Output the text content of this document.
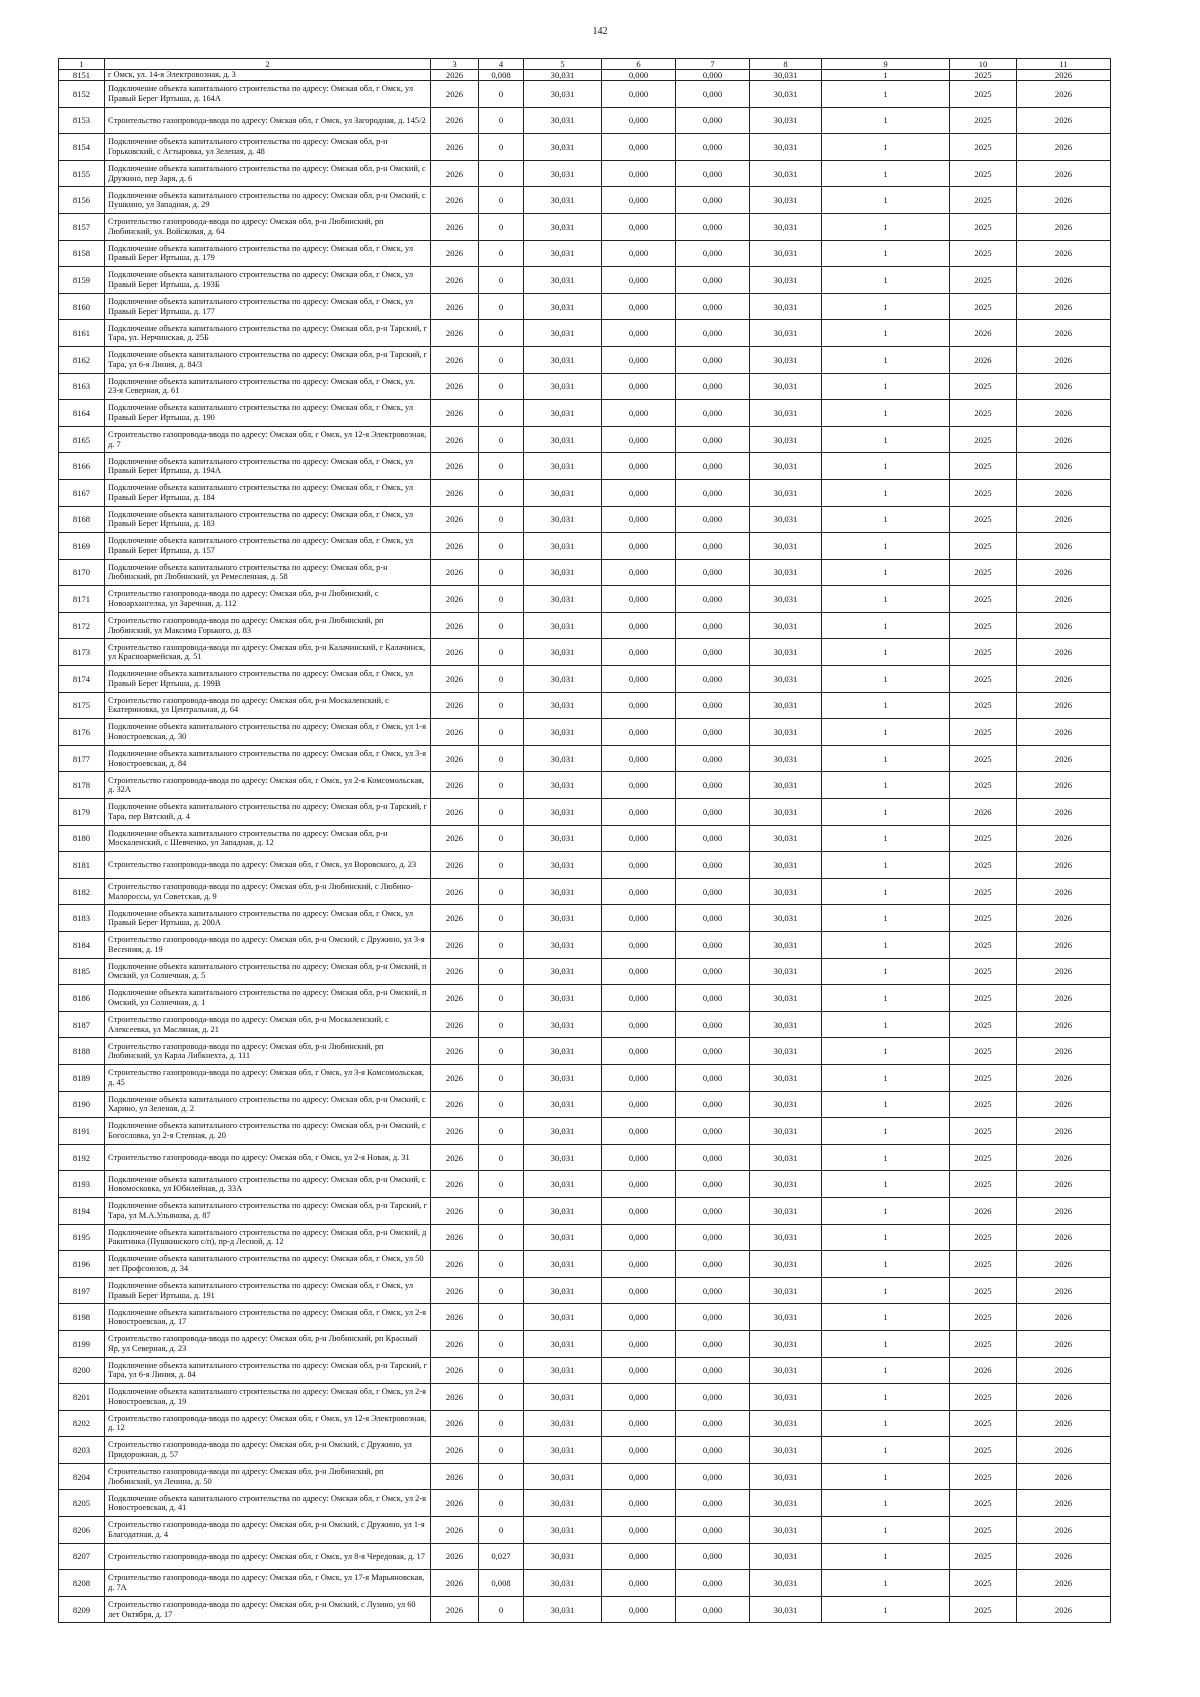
142
1	2	3	4	5	6	7	8	9	10	11
8151	г Омск, ул. 14-я Электровозная, д. 3	2026	0,008	30,031	0,000	0,000	30,031	1	2025	2026
8152	Подключение объекта капитального строительства по адресу: Омская обл, г Омск, ул Правый Берег Иртыша, д. 164А	2026	0	30,031	0,000	0,000	30,031	1	2025	2026
8153	Строительство газопровода-ввода по адресу: Омская обл, г Омск, ул Загородная, д. 145/2	2026	0	30,031	0,000	0,000	30,031	1	2025	2026
8154	Подключение объекта капитального строительства по адресу: Омская обл, р-н Горьковский, с Астыровка, ул Зеленая, д. 48	2026	0	30,031	0,000	0,000	30,031	1	2025	2026
8155	Подключение объекта капитального строительства по адресу: Омская обл, р-н Омский, с Дружино, пер Заря, д. 6	2026	0	30,031	0,000	0,000	30,031	1	2025	2026
8156	Подключение объекта капитального строительства по адресу: Омская обл, р-н Омский, с Пушкино, ул Западная, д. 29	2026	0	30,031	0,000	0,000	30,031	1	2025	2026
8157	Строительство газопровода-ввода по адресу: Омская обл, р-н Любинский, рп Любинский, ул. Войсковая, д. 64	2026	0	30,031	0,000	0,000	30,031	1	2025	2026
8158	Подключение объекта капитального строительства по адресу: Омская обл, г Омск, ул Правый Берег Иртыша, д. 179	2026	0	30,031	0,000	0,000	30,031	1	2025	2026
8159	Подключение объекта капитального строительства по адресу: Омская обл, г Омск, ул Правый Берег Иртыша, д. 193Б	2026	0	30,031	0,000	0,000	30,031	1	2025	2026
8160	Подключение объекта капитального строительства по адресу: Омская обл, г Омск, ул Правый Берег Иртыша, д. 177	2026	0	30,031	0,000	0,000	30,031	1	2025	2026
8161	Подключение объекта капитального строительства по адресу: Омская обл, р-н Тарский, г Тара, ул. Нерчинская, д. 25Б	2026	0	30,031	0,000	0,000	30,031	1	2026	2026
8162	Подключение объекта капитального строительства по адресу: Омская обл, р-н Тарский, г Тара, ул 6-я Линия, д. 84/3	2026	0	30,031	0,000	0,000	30,031	1	2026	2026
8163	Подключение объекта капитального строительства по адресу: Омская обл, г Омск, ул. 23-я Северная, д. 61	2026	0	30,031	0,000	0,000	30,031	1	2025	2026
8164	Подключение объекта капитального строительства по адресу: Омская обл, г Омск, ул Правый Берег Иртыша, д. 190	2026	0	30,031	0,000	0,000	30,031	1	2025	2026
8165	Строительство газопровода-ввода по адресу: Омская обл, г Омск, ул 12-я Электровозная, д. 7	2026	0	30,031	0,000	0,000	30,031	1	2025	2026
8166	Подключение объекта капитального строительства по адресу: Омская обл, г Омск, ул Правый Берег Иртыша, д. 194А	2026	0	30,031	0,000	0,000	30,031	1	2025	2026
8167	Подключение объекта капитального строительства по адресу: Омская обл, г Омск, ул Правый Берег Иртыша, д. 184	2026	0	30,031	0,000	0,000	30,031	1	2025	2026
8168	Подключение объекта капитального строительства по адресу: Омская обл, г Омск, ул Правый Берег Иртыша, д. 183	2026	0	30,031	0,000	0,000	30,031	1	2025	2026
8169	Подключение объекта капитального строительства по адресу: Омская обл, г Омск, ул Правый Берег Иртыша, д. 157	2026	0	30,031	0,000	0,000	30,031	1	2025	2026
8170	Подключение объекта капитального строительства по адресу: Омская обл, р-н Любинский, рп Любинский, ул Ремесленная, д. 58	2026	0	30,031	0,000	0,000	30,031	1	2025	2026
8171	Строительство газопровода-ввода по адресу: Омская обл, р-н Любинский, с Новоархангелка, ул Заречная, д. 112	2026	0	30,031	0,000	0,000	30,031	1	2025	2026
8172	Строительство газопровода-ввода по адресу: Омская обл, р-н Любинский, рп Любинский, ул Максима Горького, д. 83	2026	0	30,031	0,000	0,000	30,031	1	2025	2026
8173	Строительство газопровода-ввода по адресу: Омская обл, р-н Калачинский, г Калачинск, ул Красноармейская, д. 51	2026	0	30,031	0,000	0,000	30,031	1	2025	2026
8174	Подключение объекта капитального строительства по адресу: Омская обл, г Омск, ул Правый Берег Иртыша, д. 199В	2026	0	30,031	0,000	0,000	30,031	1	2025	2026
8175	Строительство газопровода-ввода по адресу: Омская обл, р-н Москаленский, с Екатериновка, ул Центральная, д. 64	2026	0	30,031	0,000	0,000	30,031	1	2025	2026
8176	Подключение объекта капитального строительства по адресу: Омская обл, г Омск, ул 1-я Новостроевская, д. 30	2026	0	30,031	0,000	0,000	30,031	1	2025	2026
8177	Подключение объекта капитального строительства по адресу: Омская обл, г Омск, ул 3-я Новостроевская, д. 84	2026	0	30,031	0,000	0,000	30,031	1	2025	2026
8178	Строительство газопровода-ввода по адресу: Омская обл, г Омск, ул 2-я Комсомольская, д. 32А	2026	0	30,031	0,000	0,000	30,031	1	2025	2026
8179	Подключение объекта капитального строительства по адресу: Омская обл, р-н Тарский, г Тара, пер Вятский, д. 4	2026	0	30,031	0,000	0,000	30,031	1	2026	2026
8180	Подключение объекта капитального строительства по адресу: Омская обл, р-н Москаленский, с Шевченко, ул Западная, д. 12	2026	0	30,031	0,000	0,000	30,031	1	2025	2026
8181	Строительство газопровода-ввода по адресу: Омская обл, г Омск, ул Воровского, д. 23	2026	0	30,031	0,000	0,000	30,031	1	2025	2026
8182	Строительство газопровода-ввода по адресу: Омская обл, р-н Любинский, с Любино-Малороссы, ул Советская, д. 9	2026	0	30,031	0,000	0,000	30,031	1	2025	2026
8183	Подключение объекта капитального строительства по адресу: Омская обл, г Омск, ул Правый Берег Иртыша, д. 200А	2026	0	30,031	0,000	0,000	30,031	1	2025	2026
8184	Строительство газопровода-ввода по адресу: Омская обл, р-н Омский, с Дружино, ул 3-я Весенняя, д. 19	2026	0	30,031	0,000	0,000	30,031	1	2025	2026
8185	Подключение объекта капитального строительства по адресу: Омская обл, р-н Омский, п Омский, ул Солнечная, д. 5	2026	0	30,031	0,000	0,000	30,031	1	2025	2026
8186	Подключение объекта капитального строительства по адресу: Омская обл, р-н Омский, п Омский, ул Солнечная, д. 1	2026	0	30,031	0,000	0,000	30,031	1	2025	2026
8187	Строительство газопровода-ввода по адресу: Омская обл, р-н Москаленский, с Алексеевка, ул Масляная, д. 21	2026	0	30,031	0,000	0,000	30,031	1	2025	2026
8188	Строительство газопровода-ввода по адресу: Омская обл, р-н Любинский, рп Любинский, ул Карла Либкнехта, д. 111	2026	0	30,031	0,000	0,000	30,031	1	2025	2026
8189	Строительство газопровода-ввода по адресу: Омская обл, г Омск, ул 3-я Комсомольская, д. 45	2026	0	30,031	0,000	0,000	30,031	1	2025	2026
8190	Подключение объекта капитального строительства по адресу: Омская обл, р-н Омский, с Харино, ул Зеленая, д. 2	2026	0	30,031	0,000	0,000	30,031	1	2025	2026
8191	Подключение объекта капитального строительства по адресу: Омская обл, р-н Омский, с Богословка, ул 2-я Степная, д. 20	2026	0	30,031	0,000	0,000	30,031	1	2025	2026
8192	Строительство газопровода-ввода по адресу: Омская обл, г Омск, ул 2-я Новая, д. 31	2026	0	30,031	0,000	0,000	30,031	1	2025	2026
8193	Подключение объекта капитального строительства по адресу: Омская обл, р-н Омский, с Новомосковка, ул Юбилейная, д. 33А	2026	0	30,031	0,000	0,000	30,031	1	2025	2026
8194	Подключение объекта капитального строительства по адресу: Омская обл, р-н Тарский, г Тара, ул М.А.Ульянова, д. 87	2026	0	30,031	0,000	0,000	30,031	1	2026	2026
8195	Подключение объекта капитального строительства по адресу: Омская обл, р-н Омский, д Ракитинка (Пушкинского с/п), пр-д Лесной, д. 12	2026	0	30,031	0,000	0,000	30,031	1	2025	2026
8196	Подключение объекта капитального строительства по адресу: Омская обл, г Омск, ул 50 лет Профсоюзов, д. 34	2026	0	30,031	0,000	0,000	30,031	1	2025	2026
8197	Подключение объекта капитального строительства по адресу: Омская обл, г Омск, ул Правый Берег Иртыша, д. 191	2026	0	30,031	0,000	0,000	30,031	1	2025	2026
8198	Подключение объекта капитального строительства по адресу: Омская обл, г Омск, ул 2-я Новостроевская, д. 17	2026	0	30,031	0,000	0,000	30,031	1	2025	2026
8199	Строительство газопровода-ввода по адресу: Омская обл, р-н Любинский, рп Красный Яр, ул Северная, д. 23	2026	0	30,031	0,000	0,000	30,031	1	2025	2026
8200	Подключение объекта капитального строительства по адресу: Омская обл, р-н Тарский, г Тара, ул 6-я Линия, д. 84	2026	0	30,031	0,000	0,000	30,031	1	2026	2026
8201	Подключение объекта капитального строительства по адресу: Омская обл, г Омск, ул 2-я Новостроевская, д. 19	2026	0	30,031	0,000	0,000	30,031	1	2025	2026
8202	Строительство газопровода-ввода по адресу: Омская обл, г Омск, ул 12-я Электровозная, д. 12	2026	0	30,031	0,000	0,000	30,031	1	2025	2026
8203	Строительство газопровода-ввода по адресу: Омская обл, р-н Омский, с Дружино, ул Придорожная, д. 57	2026	0	30,031	0,000	0,000	30,031	1	2025	2026
8204	Строительство газопровода-ввода по адресу: Омская обл, р-н Любинский, рп Любинский, ул Ленина, д. 50	2026	0	30,031	0,000	0,000	30,031	1	2025	2026
8205	Подключение объекта капитального строительства по адресу: Омская обл, г Омск, ул 2-я Новостроевская, д. 41	2026	0	30,031	0,000	0,000	30,031	1	2025	2026
8206	Строительство газопровода-ввода по адресу: Омская обл, р-н Омский, с Дружино, ул 1-я Благодатная, д. 4	2026	0	30,031	0,000	0,000	30,031	1	2025	2026
8207	Строительство газопровода-ввода по адресу: Омская обл, г Омск, ул 8-я Чередовая, д. 17	2026	0,027	30,031	0,000	0,000	30,031	1	2025	2026
8208	Строительство газопровода-ввода по адресу: Омская обл, г Омск, ул 17-я Марьяновская, д. 7А	2026	0,008	30,031	0,000	0,000	30,031	1	2025	2026
8209	Строительство газопровода-ввода по адресу: Омская обл, р-н Омский, с Лузино, ул 60 лет Октября, д. 17	2026	0	30,031	0,000	0,000	30,031	1	2025	2026
